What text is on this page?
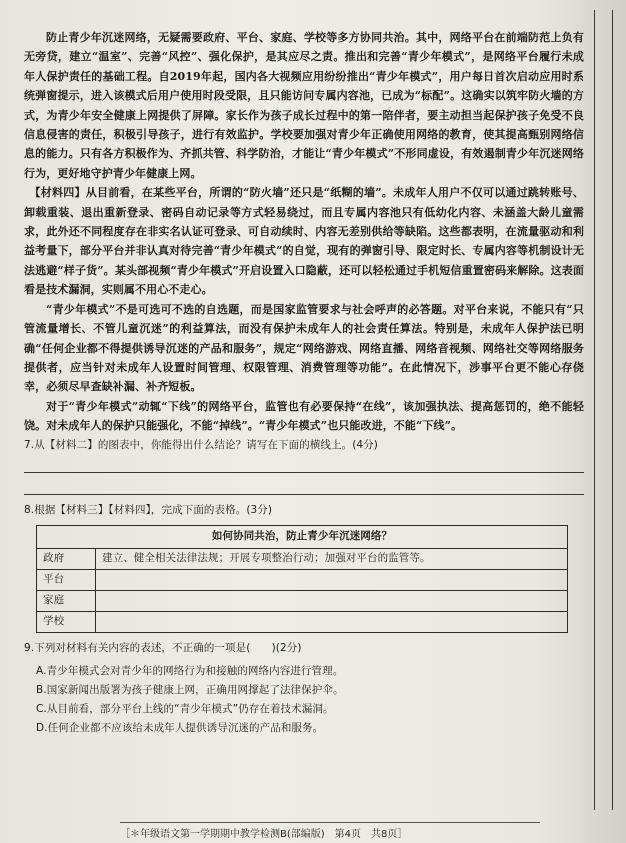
防止青少年沉迷网络，无疑需要政府、平台、家庭、学校等多方协同共治。其中，网络平台在前端防范上负有无旁贷，建立“温室”、完善“风控”、强化保护，是其应尽之责。推出和完善“青少年模式”，是网络平台履行未成年人保护责任的基础工程。自2019年起，国内各大视频应用纷纷推出“青少年模式”，用户每日首次启动应用时系统弹窗提示，进入该模式后用户使用时段受限，且只能访问专属内容池，已成为“标配”。这确实以筑牢防火墙的方式，为青少年安全健康上网提供了屏障。家长作为孩子成长过程中的第一陪伴者，要主动担当起保护孩子免受不良信息侵害的责任，积极引导孩子，进行有效监护。学校要加强对青少年正确使用网络的教育，使其提高甄别网络信息的能力。只有各方积极作为、齐抓共管、科学防治，才能让“青少年模式”不形同虚设，有效遏制青少年沉迷网络行为，更好地守护青少年健康上网。

【材料四】从目前看，在某些平台，所谓的“防火墙”还只是“纸糊的墙”。未成年人用户不仅可以通过跳转账号、卸载重装、退出重新登录、密码自动记录等方式轻易绕过，而且专属内容池只有低幼化内容、未涵盖大龄儿童需求，此外还不同程度存在非实名认证可登录、可自动续时、内容无差别供给等缺陷。这些都表明，在流量驱动和利益考量下，部分平台并非认真对待完善“青少年模式”的自觉，现有的弹窗引导、限定时长、专属内容等机制设计无法逃避“样子货”。某头部视频“青少年模式”开启设置入口隐蔽，还可以轻松通过手机短信重置密码来解除。这表面看是技术漏洞，实则属不用心不走心。

“青少年模式”不是可选可不选的自选题，而是国家监管要求与社会呼声的必答题。对平台来说，不能只有“只管流量增长、不管儿童沉迷”的利益算法，而没有保护未成年人的社会责任算法。特别是，未成年人保护法已明确“任何企业都不得提供诱导沉迷的产品和服务”，规定“网络游戏、网络直播、网络音视频、网络社交等网络服务提供者，应当针对未成年人设置时间管理、权限管理、消费管理等功能”。在此情况下，涉事平台更不能心存侥幸，必须尽早查缺补漏、补齐短板。

对于“青少年模式”动辄“下线”的网络平台，监管也有必要保持“在线”，该加强执法、提高惩罚的，绝不能轻饶。对未成年人的保护只能强化，不能“掉线”。“青少年模式”也只能改进，不能“下线”。

7.从【材料二】的图表中，你能得出什么结论？请写在下面的横线上。(4分)

8.根据【材料三】【材料四】，完成下面的表格。(3分)

如何协同共治，防止青少年沉迷网络？	
政府	建立、健全相关法律法规；开展专项整治行动；加强对平台的监管等。
平台	
家庭	
学校	

9.下列对材料有关内容的表述，不正确的一项是(　　)(2分)

A.青少年模式会对青少年的网络行为和接触的网络内容进行管理。
B.国家新闻出版署为孩子健康上网，正确用网撑起了法律保护伞。
C.从目前看，部分平台上线的“青少年模式”仍存在着技术漏洞。
D.任何企业都不应该给未成年人提供诱导沉迷的产品和服务。
［＊年级语文第一学期期中教学检测B(部编版)　第4页　共8页］
